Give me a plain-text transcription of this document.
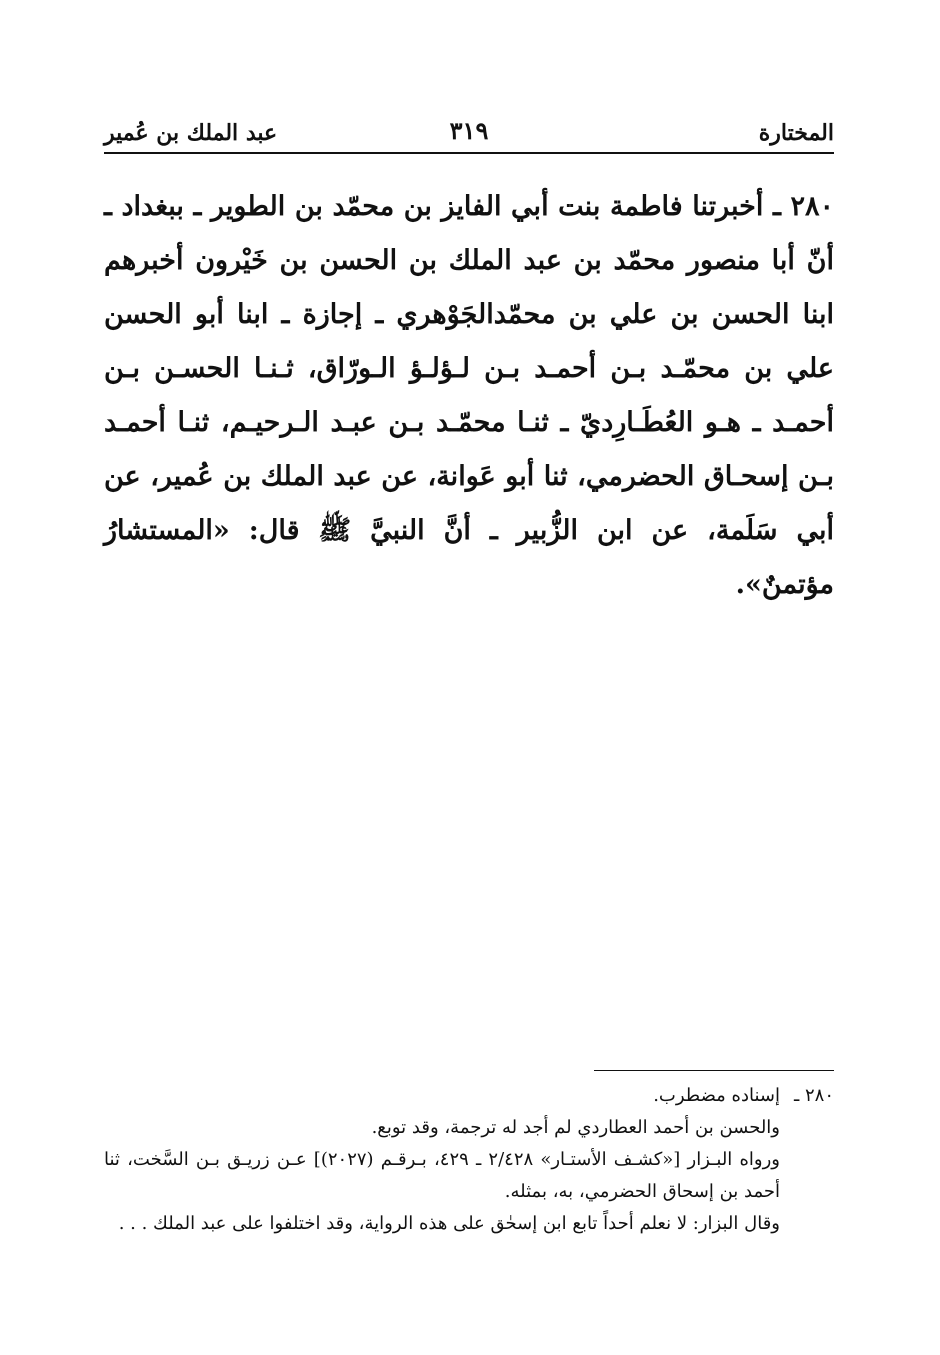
المختارة
٣١٩
عبد الملك بن عُمير

٢٨٠ ـ أخبرتنا فاطمة بنت أبي الفايز بن محمّد بن الطوير ـ ببغداد ـ أنّ أبا منصور محمّد بن عبد الملك بن الحسن بن خَيْرون أخبرهم ابنا الحسن بن علي بن محمّدالجَوْهري ـ إجازة ـ ابنا أبو الحسن علي بن محمّـد بـن أحمـد بـن لـؤلـؤ الـورّاق، ثـنـا الحسـن بـن أحمـد ـ هـو العُطَـارِديّ ـ ثنـا محمّـد بـن عبـد الـرحيـم، ثنـا أحمـد بـن إسحـاق الحضرمي، ثنا أبو عَوانة، عن عبد الملك بن عُمير، عن أبي سَلَمة، عن ابن الزُّبير ـ أنَّ النبيَّ ﷺ قال: «المستشارُ مؤتمنٌ».

٢٨٠ ـإسناده مضطرب.

والحسن بن أحمد العطاردي لم أجد له ترجمة، وقد توبع.

ورواه البـزار [«كشـف الأستـار» ٢/٤٢٨ ـ ٤٢٩، بـرقـم (٢٠٢٧)] عـن زريـق بـن السَّخت، ثنا أحمد بن إسحاق الحضرمي، به، بمثله.

وقال البزار: لا نعلم أحداً تابع ابن إسحٰق على هذه الرواية، وقد اختلفوا على عبد الملك . . .
